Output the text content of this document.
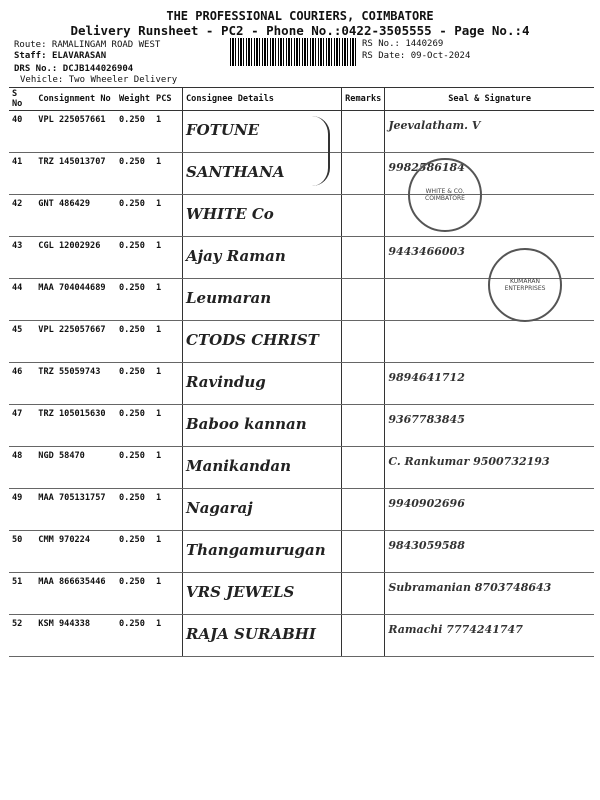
THE PROFESSIONAL COURIERS, COIMBATORE
Delivery Runsheet - PC2 - Phone No.:0422-3505555 - Page No.:4
Route: RAMALINGAM ROAD WEST
Staff: ELAVARASAN
DRS No.: DCJB144026904
Vehicle: Two Wheeler Delivery
RS No.: 1440269
RS Date: 09-Oct-2024
S No	Consignment No	Weight	PCS	Consignee Details	Remarks	Seal & Signature
40	VPL 225057661	0.250	1	FOTUNE		Jeevalatham. V

41	TRZ 145013707	0.250	1	SANTHANA		9982586184

42	GNT 486429	0.250	1	WHITE Co		

43	CGL 12002926	0.250	1	Ajay Raman		9443466003

44	MAA 704044689	0.250	1	Leumaran		

45	VPL 225057667	0.250	1	CTODS CHRIST		

46	TRZ 55059743	0.250	1	Ravindug		9894641712

47	TRZ 105015630	0.250	1	Baboo kannan		9367783845

48	NGD 58470	0.250	1	Manikandan		C. Rankumar 9500732193

49	MAA 705131757	0.250	1	Nagaraj		9940902696

50	CMM 970224	0.250	1	Thangamurugan		9843059588

51	MAA 866635446	0.250	1	VRS JEWELS		Subramanian 8703748643

52	KSM 944338	0.250	1	RAJA SURABHI		Ramachi 7774241747
WHITE & CO. COIMBATORE
KUMARAN ENTERPRISES
